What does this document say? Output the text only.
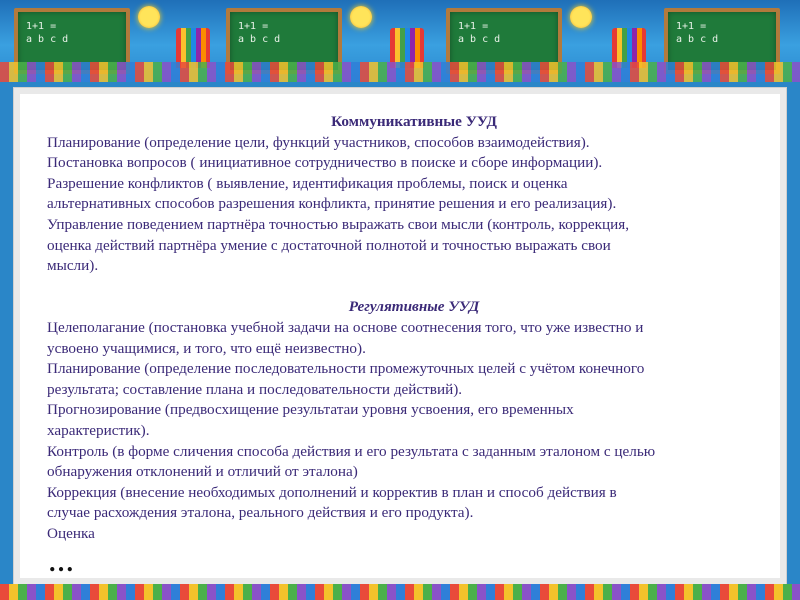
1+1 =
a b c d
1+1 =
a b c d
1+1 =
a b c d
1+1 =
a b c d

Коммуникативные УУД

Планирование (определение цели, функций участников, способов взаимодействия).

Постановка вопросов ( инициативное сотрудничество в поиске и сборе информации).

Разрешение конфликтов ( выявление, идентификация проблемы, поиск и оценка

альтернативных способов разрешения конфликта, принятие решения и его реализация).

Управление поведением партнёра точностью выражать свои мысли (контроль, коррекция,

оценка действий партнёра умение с достаточной полнотой и точностью выражать свои

мысли).

Регулятивные УУД

Целеполагание (постановка учебной задачи на основе соотнесения того, что уже известно и

усвоено учащимися, и того, что ещё неизвестно).

Планирование (определение последовательности промежуточных целей с учётом конечного

результата; составление плана и последовательности действий).

Прогнозирование (предвосхищение результатаи уровня усвоения, его временных

характеристик).

Контроль (в форме сличения способа действия и его результата с заданным эталоном с целью

обнаружения отклонений и отличий от эталона)

Коррекция (внесение необходимых дополнений и корректив в план и способ действия в

случае расхождения эталона, реального действия и его продукта).

Оценка

…
